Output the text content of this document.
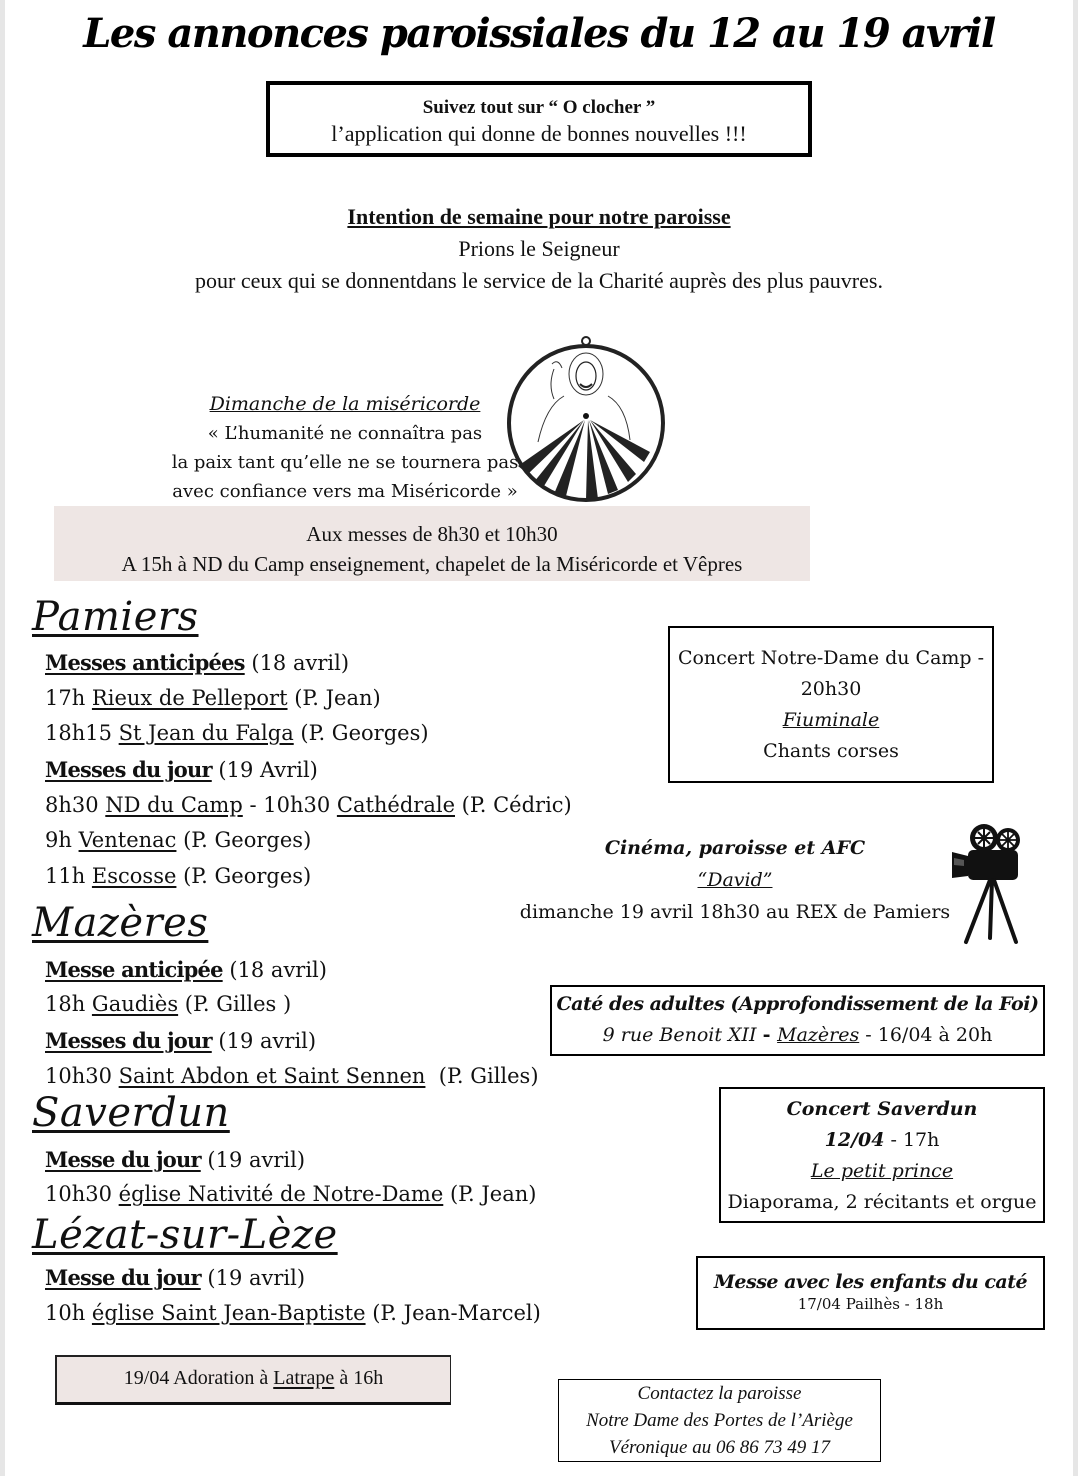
Les annonces paroissiales du 12 au 19 avril
Suivez tout sur “ O clocher ”
l’application qui donne de bonnes nouvelles !!!
Intention de semaine pour notre paroisse
Prions le Seigneur
pour ceux qui se donnentdans le service de la Charité auprès des plus pauvres.
Dimanche de la miséricorde
« L’humanité ne connaîtra pas
la paix tant qu’elle ne se tournera pas
avec confiance vers ma Miséricorde »
Aux messes de 8h30 et 10h30
A 15h à ND du Camp enseignement, chapelet de la Miséricorde et Vêpres
Pamiers
Messes anticipées (18 avril)
17h Rieux de Pelleport (P. Jean)
18h15 St Jean du Falga (P. Georges)
Messes du jour (19 Avril)
8h30 ND du Camp - 10h30 Cathédrale (P. Cédric)
9h Ventenac (P. Georges)
11h Escosse (P. Georges)
Mazères
Messe anticipée (18 avril)
18h Gaudiès (P. Gilles )
Messes du jour (19 avril)
10h30 Saint Abdon et Saint Sennen  (P. Gilles)
Saverdun
Messe du jour (19 avril)
10h30 église Nativité de Notre-Dame (P. Jean)
Lézat-sur-Lèze
Messe du jour (19 avril)
10h église Saint Jean-Baptiste (P. Jean-Marcel)
Concert Notre-Dame du Camp -
20h30
Fiuminale
Chants corses
Cinéma, paroisse et AFC
“David”
dimanche 19 avril 18h30 au REX de Pamiers
Caté des adultes (Approfondissement de la Foi)
9 rue Benoit XII - Mazères - 16/04 à 20h
Concert Saverdun
12/04 - 17h
Le petit prince
Diaporama, 2 récitants et orgue
Messe avec les enfants du caté
17/04 Pailhès - 18h
19/04 Adoration à Latrape à 16h
Contactez la paroisse
Notre Dame des Portes de l’Ariège
Véronique au 06 86 73 49 17
